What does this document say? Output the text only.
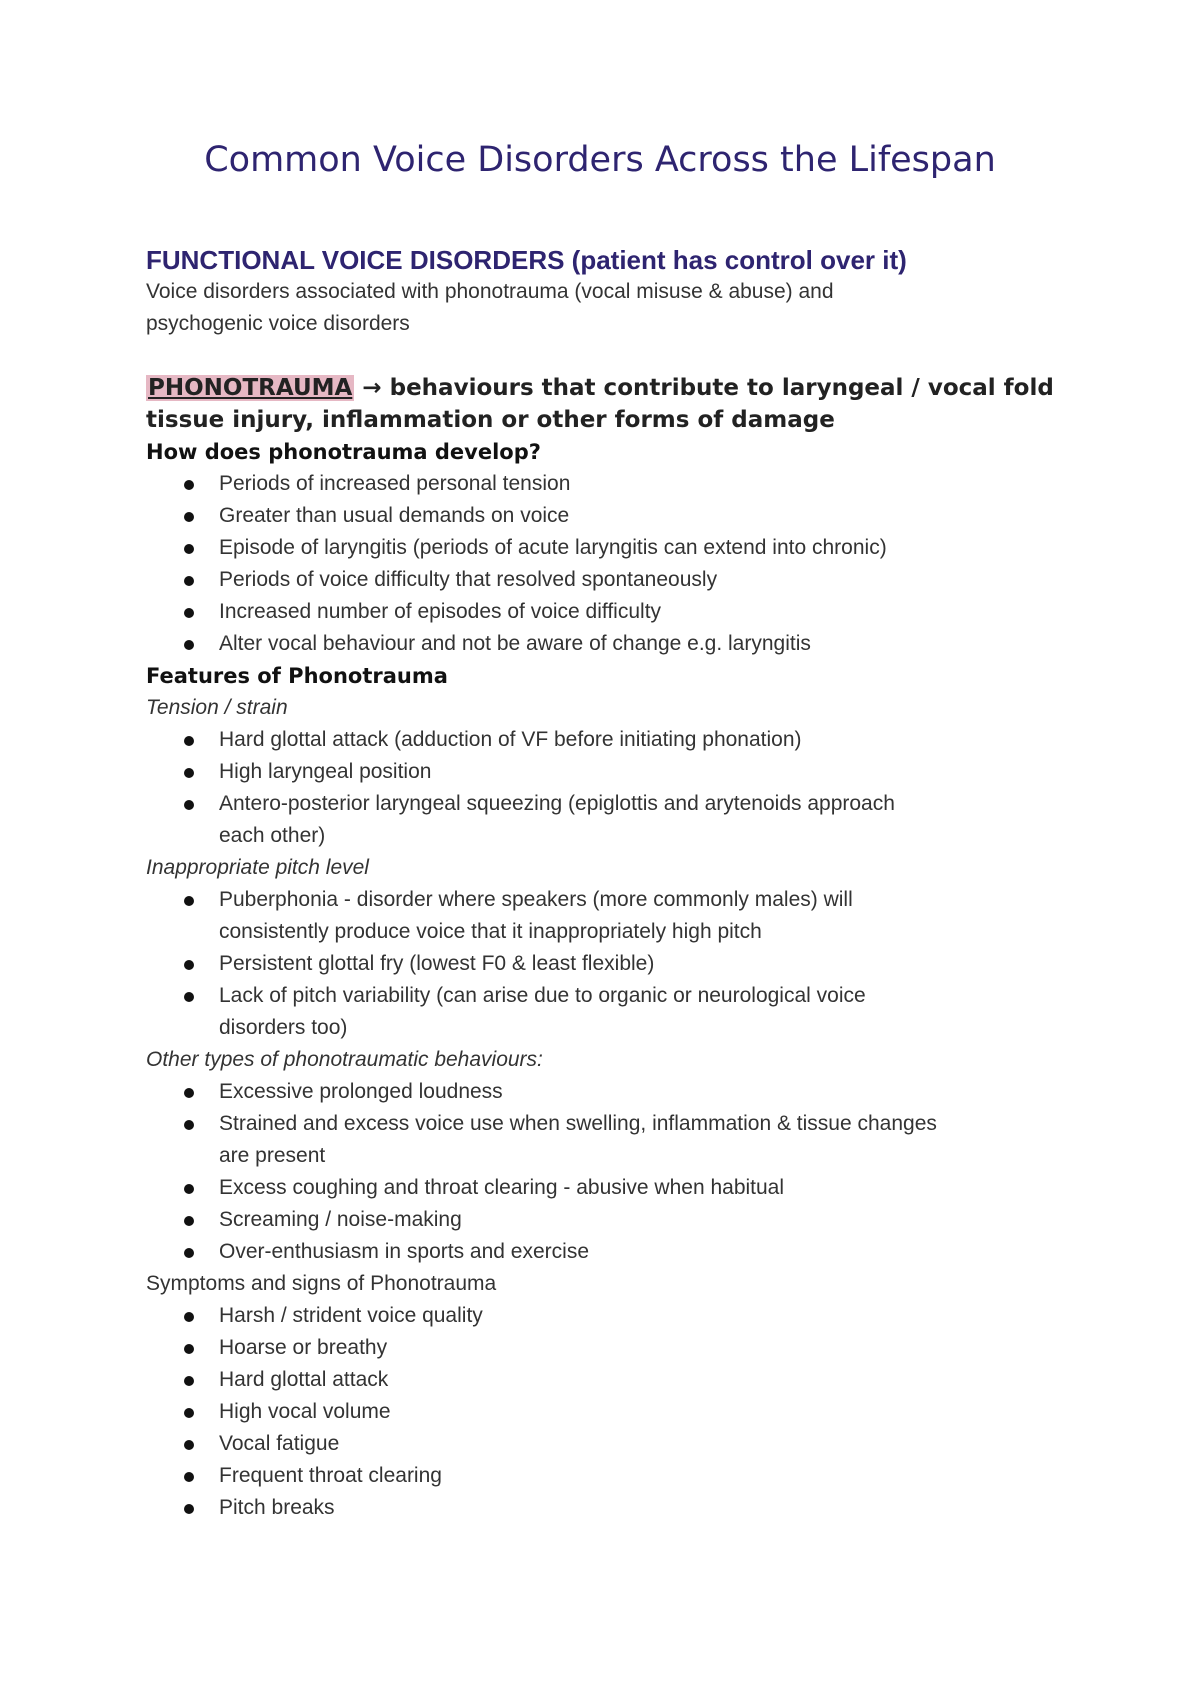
Common Voice Disorders Across the Lifespan

FUNCTIONAL VOICE DISORDERS (patient has control over it)

Voice disorders associated with phonotrauma (vocal misuse & abuse) and

psychogenic voice disorders

PHONOTRAUMA → behaviours that contribute to laryngeal / vocal fold

tissue injury, inflammation or other forms of damage

How does phonotrauma develop?

Periods of increased personal tension
Greater than usual demands on voice
Episode of laryngitis (periods of acute laryngitis can extend into chronic)
Periods of voice difficulty that resolved spontaneously
Increased number of episodes of voice difficulty
Alter vocal behaviour and not be aware of change e.g. laryngitis

Features of Phonotrauma

Tension / strain

Hard glottal attack (adduction of VF before initiating phonation)
High laryngeal position
Antero-posterior laryngeal squeezing (epiglottis and arytenoids approach
each other)

Inappropriate pitch level

Puberphonia - disorder where speakers (more commonly males) will
consistently produce voice that it inappropriately high pitch
Persistent glottal fry (lowest F0 & least flexible)
Lack of pitch variability (can arise due to organic or neurological voice
disorders too)

Other types of phonotraumatic behaviours:

Excessive prolonged loudness
Strained and excess voice use when swelling, inflammation & tissue changes
are present
Excess coughing and throat clearing - abusive when habitual
Screaming / noise-making
Over-enthusiasm in sports and exercise

Symptoms and signs of Phonotrauma

Harsh / strident voice quality
Hoarse or breathy
Hard glottal attack
High vocal volume
Vocal fatigue
Frequent throat clearing
Pitch breaks
